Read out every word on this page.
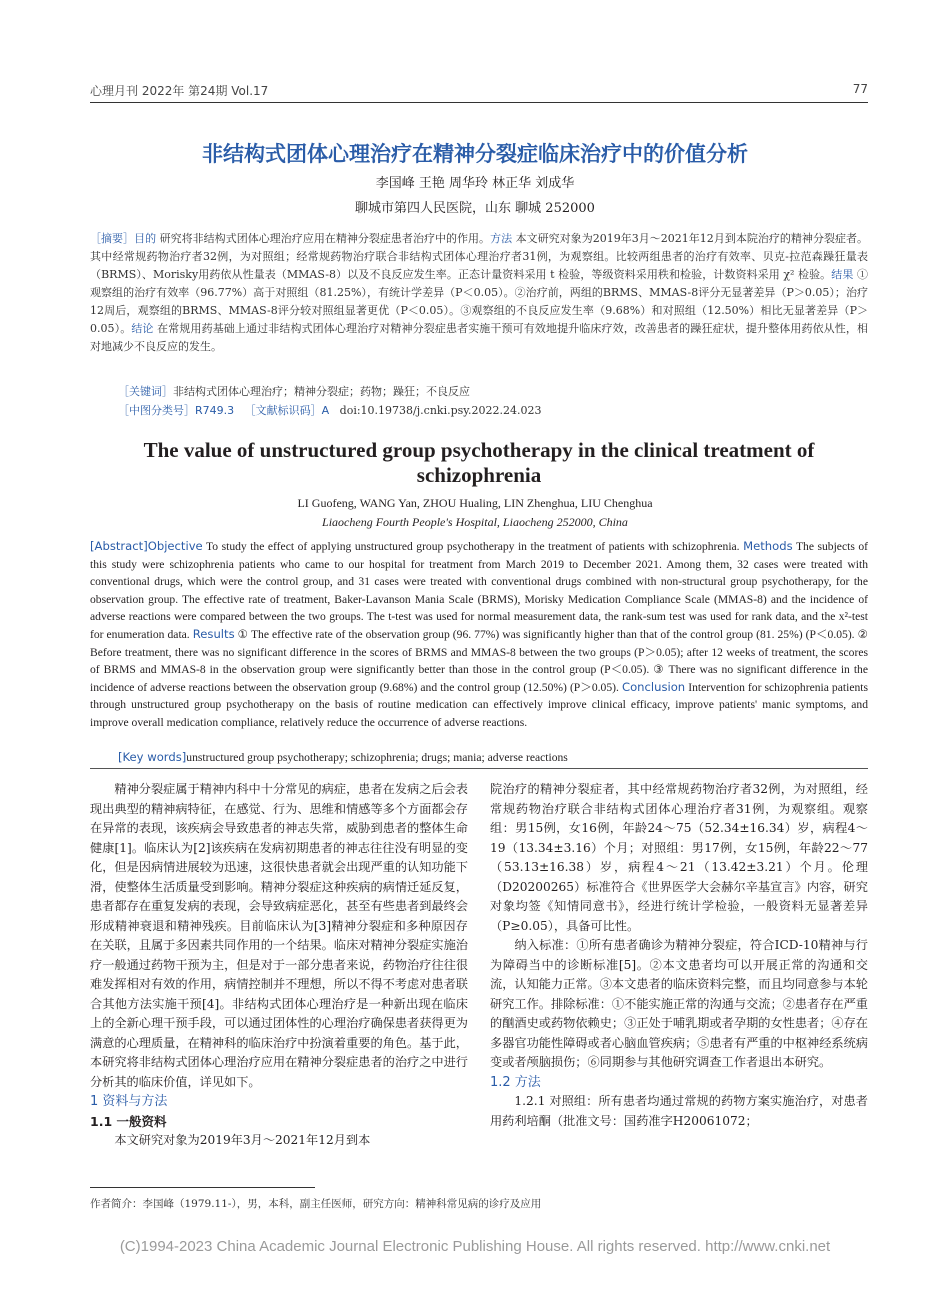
心理月刊 2022年 第24期 Vol.17	77
非结构式团体心理治疗在精神分裂症临床治疗中的价值分析
李国峰 王艳 周华玲 林正华 刘成华
聊城市第四人民医院，山东 聊城 252000
［摘要］目的 研究将非结构式团体心理治疗应用在精神分裂症患者治疗中的作用。方法 本文研究对象为2019年3月～2021年12月到本院治疗的精神分裂症者。其中经常规药物治疗者32例，为对照组；经常规药物治疗联合非结构式团体心理治疗者31例，为观察组。比较两组患者的治疗有效率、贝克-拉范森躁狂量表（BRMS）、Morisky用药依从性量表（MMAS-8）以及不良反应发生率。正态计量资料采用 t 检验，等级资料采用秩和检验，计数资料采用 χ² 检验。结果 ①观察组的治疗有效率（96.77%）高于对照组（81.25%），有统计学差异（P＜0.05）。②治疗前，两组的BRMS、MMAS-8评分无显著差异（P＞0.05）；治疗12周后，观察组的BRMS、MMAS-8评分较对照组显著更优（P＜0.05）。③观察组的不良反应发生率（9.68%）和对照组（12.50%）相比无显著差异（P＞0.05）。结论 在常规用药基础上通过非结构式团体心理治疗对精神分裂症患者实施干预可有效地提升临床疗效，改善患者的躁狂症状，提升整体用药依从性，相对地减少不良反应的发生。
［关键词］非结构式团体心理治疗；精神分裂症；药物；躁狂；不良反应
［中图分类号］R749.3 ［文献标识码］A doi:10.19738/j.cnki.psy.2022.24.023
The value of unstructured group psychotherapy in the clinical treatment of schizophrenia
LI Guofeng, WANG Yan, ZHOU Hualing, LIN Zhenghua, LIU Chenghua
Liaocheng Fourth People's Hospital, Liaocheng 252000, China
[Abstract]Objective To study the effect of applying unstructured group psychotherapy in the treatment of patients with schizophrenia. Methods The subjects of this study were schizophrenia patients who came to our hospital for treatment from March 2019 to December 2021. Among them, 32 cases were treated with conventional drugs, which were the control group, and 31 cases were treated with conventional drugs combined with non-structural group psychotherapy, for the observation group. The effective rate of treatment, Baker-Lavanson Mania Scale (BRMS), Morisky Medication Compliance Scale (MMAS-8) and the incidence of adverse reactions were compared between the two groups. The t-test was used for normal measurement data, the rank-sum test was used for rank data, and the x²-test for enumeration data. Results ① The effective rate of the observation group (96. 77%) was significantly higher than that of the control group (81. 25%) (P＜0.05). ② Before treatment, there was no significant difference in the scores of BRMS and MMAS-8 between the two groups (P＞0.05); after 12 weeks of treatment, the scores of BRMS and MMAS-8 in the observation group were significantly better than those in the control group (P＜0.05). ③ There was no significant difference in the incidence of adverse reactions between the observation group (9.68%) and the control group (12.50%) (P＞0.05). Conclusion Intervention for schizophrenia patients through unstructured group psychotherapy on the basis of routine medication can effectively improve clinical efficacy, improve patients' manic symptoms, and improve overall medication compliance, relatively reduce the occurrence of adverse reactions.
[Key words]unstructured group psychotherapy; schizophrenia; drugs; mania; adverse reactions

精神分裂症属于精神内科中十分常见的病症，患者在发病之后会表现出典型的精神病特征，在感觉、行为、思维和情感等多个方面都会存在异常的表现，该疾病会导致患者的神志失常，威胁到患者的整体生命健康[1]。临床认为[2]该疾病在发病初期患者的神志往往没有明显的变化，但是因病情进展较为迅速，这很快患者就会出现严重的认知功能下滑，使整体生活质量受到影响。精神分裂症这种疾病的病情迁延反复，患者都存在重复发病的表现，会导致病症恶化，甚至有些患者到最终会形成精神衰退和精神残疾。目前临床认为[3]精神分裂症和多种原因存在关联，且属于多因素共同作用的一个结果。临床对精神分裂症实施治疗一般通过药物干预为主，但是对于一部分患者来说，药物治疗往往很难发挥相对有效的作用，病情控制并不理想，所以不得不考虑对患者联合其他方法实施干预[4]。非结构式团体心理治疗是一种新出现在临床上的全新心理干预手段，可以通过团体性的心理治疗确保患者获得更为满意的心理质量，在精神科的临床治疗中扮演着重要的角色。基于此，本研究将非结构式团体心理治疗应用在精神分裂症患者的治疗之中进行分析其的临床价值，详见如下。

1 资料与方法

1.1 一般资料

本文研究对象为2019年3月～2021年12月到本

院治疗的精神分裂症者，其中经常规药物治疗者32例，为对照组，经常规药物治疗联合非结构式团体心理治疗者31例，为观察组。观察组：男15例，女16例，年龄24～75（52.34±16.34）岁，病程4～19（13.34±3.16）个月；对照组：男17例，女15例，年龄22～77（53.13±16.38）岁，病程4～21（13.42±3.21）个月。伦理（D20200265）标准符合《世界医学大会赫尔辛基宣言》内容，研究对象均签《知情同意书》，经进行统计学检验，一般资料无显著差异（P≥0.05），具备可比性。

纳入标准：①所有患者确诊为精神分裂症，符合ICD-10精神与行为障碍当中的诊断标准[5]。②本文患者均可以开展正常的沟通和交流，认知能力正常。③本文患者的临床资料完整，而且均同意参与本轮研究工作。排除标准：①不能实施正常的沟通与交流；②患者存在严重的酗酒史或药物依赖史；③正处于哺乳期或者孕期的女性患者；④存在多器官功能性障碍或者心脑血管疾病；⑤患者有严重的中枢神经系统病变或者颅脑损伤；⑥同期参与其他研究调查工作者退出本研究。

1.2 方法

1.2.1 对照组：所有患者均通过常规的药物方案实施治疗，对患者用药利培酮（批准文号：国药准字H20061072；

作者简介：李国峰（1979.11-），男，本科，副主任医师，研究方向：精神科常见病的诊疗及应用
(C)1994-2023 China Academic Journal Electronic Publishing House. All rights reserved. http://www.cnki.net
